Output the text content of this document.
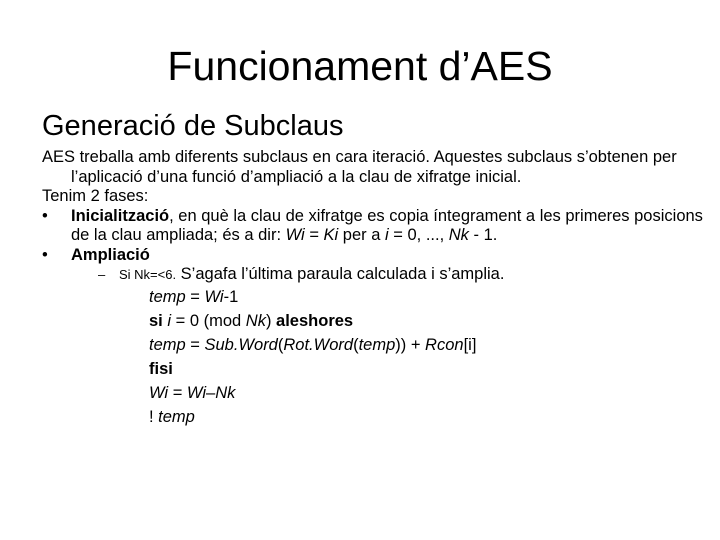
Funcionament d’AES
Generació de Subclaus

AES treballa amb diferents subclaus en cara iteració. Aquestes subclaus s’obtenen per l’aplicació d’una funció d’ampliació a la clau de xifratge inicial.

Tenim 2 fases:

• Inicialització, en què la clau de xifratge es copia íntegrament a les primeres posicions de la clau ampliada; és a dir: Wi = Ki per a i = 0, ..., Nk - 1.

• Ampliació

– Si Nk=<6. S’agafa l’última paraula calculada i s’amplia.

temp = Wi-1

si i = 0 (mod Nk) aleshores

temp = Sub.Word(Rot.Word(temp)) + Rcon[i]

fisi

Wi = Wi–Nk

! temp
